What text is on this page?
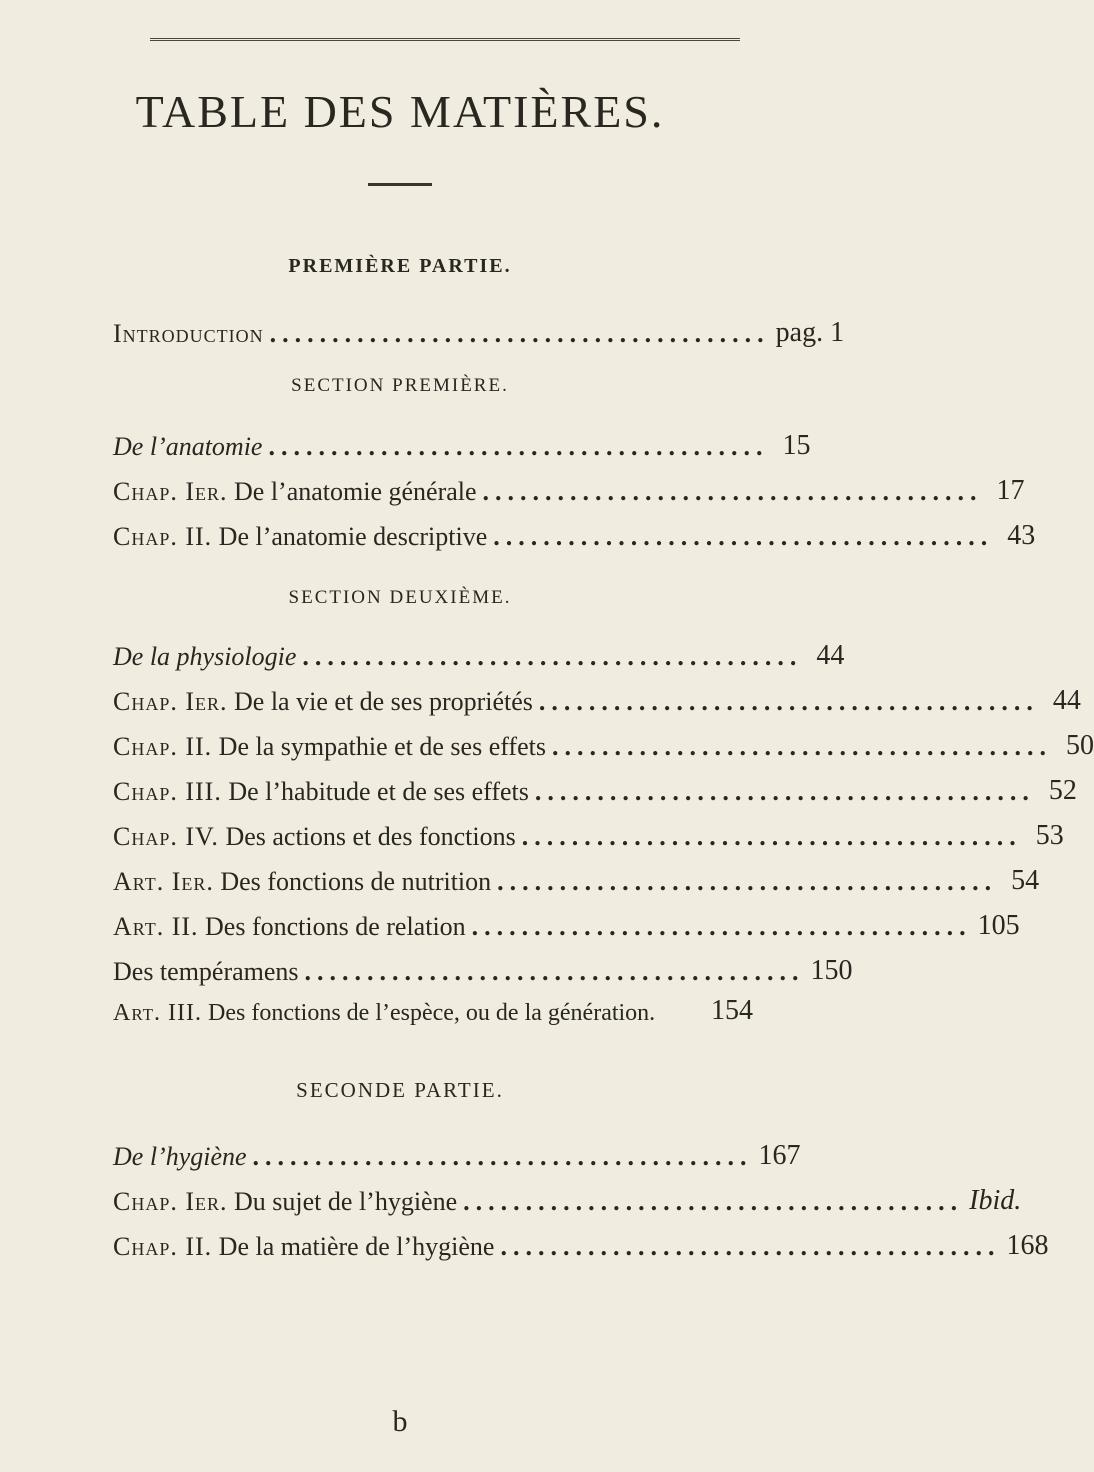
TABLE DES MATIÈRES.
PREMIÈRE PARTIE.
Introduction ........................................ pag. 1
SECTION PREMIÈRE.
De l’anatomie ........................................ 15
Chap. Ier. De l’anatomie générale ........................................ 17
Chap. II. De l’anatomie descriptive ........................................ 43
SECTION DEUXIÈME.
De la physiologie ........................................ 44
Chap. Ier. De la vie et de ses propriétés ........................................ 44
Chap. II. De la sympathie et de ses effets ........................................ 50
Chap. III. De l’habitude et de ses effets ........................................ 52
Chap. IV. Des actions et des fonctions ........................................ 53
Art. Ier. Des fonctions de nutrition ........................................ 54
Art. II. Des fonctions de relation ........................................ 105
Des tempéramens ........................................ 150
Art. III. Des fonctions de l’espèce, ou de la génération. 154
SECONDE PARTIE.
De l’hygiène ........................................ 167
Chap. Ier. Du sujet de l’hygiène ........................................ Ibid.
Chap. II. De la matière de l’hygiène ........................................ 168
b
